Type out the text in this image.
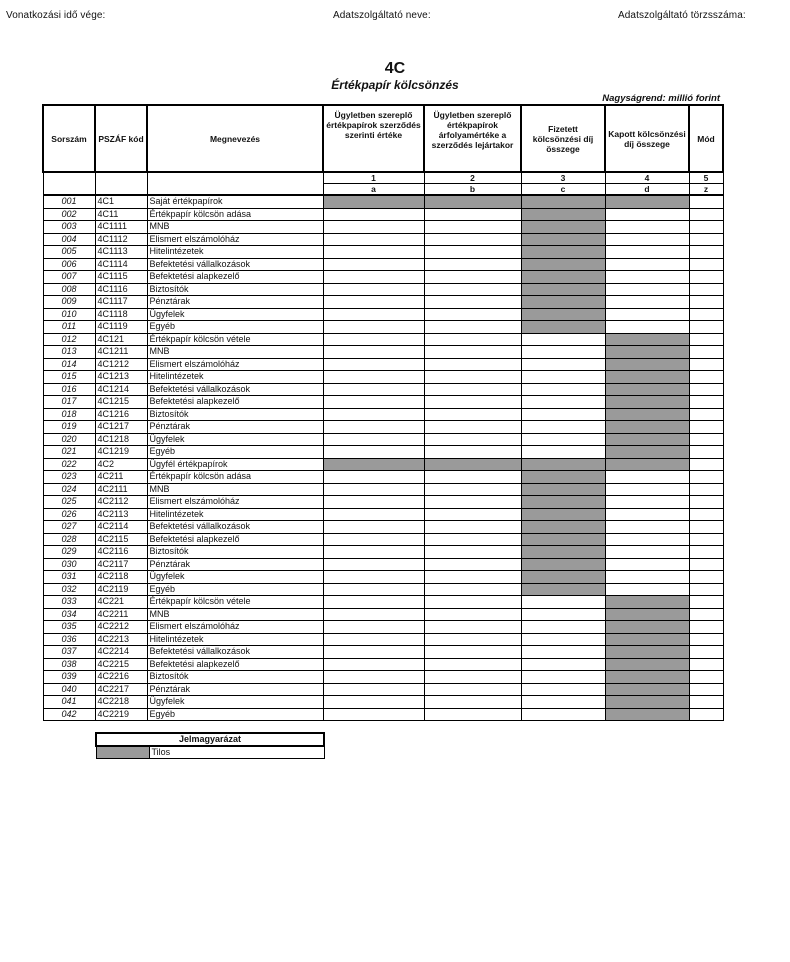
Vonatkozási idő vége:	Adatszolgáltató neve:	Adatszolgáltató törzsszáma:
4C
Értékpapír kölcsönzés
Nagyságrend: millió forint
Sorszám	PSZÁF kód	Megnevezés	Ügyletben szereplő értékpapírok szerződés szerinti értéke	Ügyletben szereplő értékpapírok árfolyamértéke a szerződés lejártakor	Fizetett kölcsönzési díj összege	Kapott kölcsönzési díj összege	Mód
			1	2	3	4	5
			a	b	c	d	z
001	4C1	Saját értékpapírok					
002	4C11	Értékpapír kölcsön adása					
003	4C1111	MNB					
004	4C1112	Elismert elszámolóház					
005	4C1113	Hitelintézetek					
006	4C1114	Befektetési vállalkozások					
007	4C1115	Befektetési alapkezelő					
008	4C1116	Biztosítók					
009	4C1117	Pénztárak					
010	4C1118	Ügyfelek					
011	4C1119	Egyéb					
012	4C121	Értékpapír kölcsön vétele					
013	4C1211	MNB					
014	4C1212	Elismert elszámolóház					
015	4C1213	Hitelintézetek					
016	4C1214	Befektetési vállalkozások					
017	4C1215	Befektetési alapkezelő					
018	4C1216	Biztosítók					
019	4C1217	Pénztárak					
020	4C1218	Ügyfelek					
021	4C1219	Egyéb					
022	4C2	Ügyfél értékpapírok					
023	4C211	Értékpapír kölcsön adása					
024	4C2111	MNB					
025	4C2112	Elismert elszámolóház					
026	4C2113	Hitelintézetek					
027	4C2114	Befektetési vállalkozások					
028	4C2115	Befektetési alapkezelő					
029	4C2116	Biztosítók					
030	4C2117	Pénztárak					
031	4C2118	Ügyfelek					
032	4C2119	Egyéb					
033	4C221	Értékpapír kölcsön vétele					
034	4C2211	MNB					
035	4C2212	Elismert elszámolóház					
036	4C2213	Hitelintézetek					
037	4C2214	Befektetési vállalkozások					
038	4C2215	Befektetési alapkezelő					
039	4C2216	Biztosítók					
040	4C2217	Pénztárak					
041	4C2218	Ügyfelek					
042	4C2219	Egyéb					
Jelmagyarázat
	Tilos
